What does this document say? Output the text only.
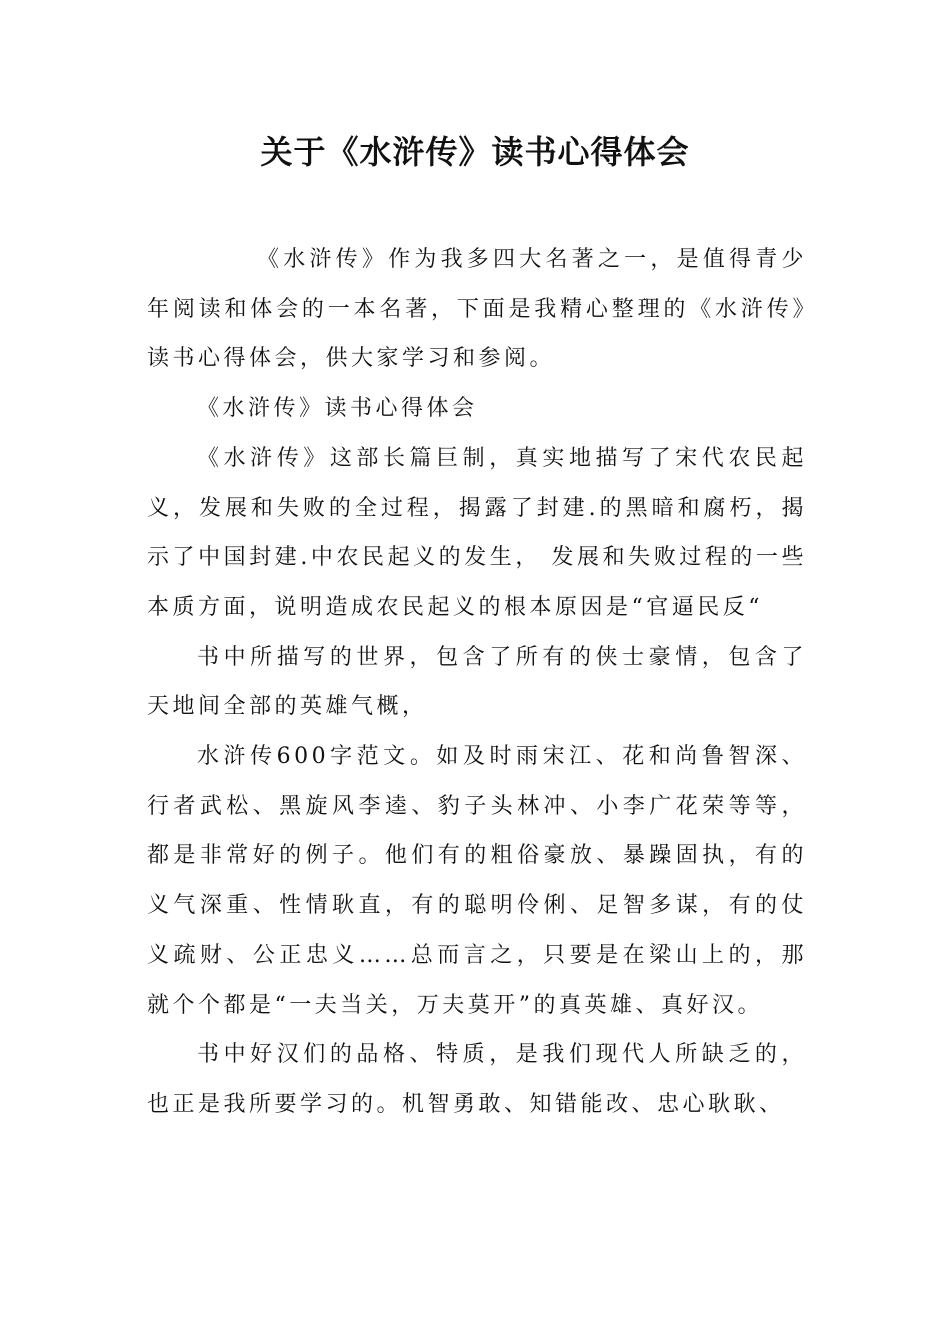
关于《水浒传》读书心得体会

《水浒传》作为我多四大名著之一，是值得青少年阅读和体会的一本名著，下面是我精心整理的《水浒传》读书心得体会，供大家学习和参阅。

《水浒传》读书心得体会

《水浒传》这部长篇巨制，真实地描写了宋代农民起义，发展和失败的全过程，揭露了封建.的黑暗和腐朽，揭示了中国封建.中农民起义的发生， 发展和失败过程的一些本质方面，说明造成农民起义的根本原因是“官逼民反“

书中所描写的世界，包含了所有的侠士豪情，包含了天地间全部的英雄气概，

水浒传600字范文。如及时雨宋江、花和尚鲁智深、行者武松、黑旋风李逵、豹子头林冲、小李广花荣等等，都是非常好的例子。他们有的粗俗豪放、暴躁固执，有的义气深重、性情耿直，有的聪明伶俐、足智多谋，有的仗义疏财、公正忠义……总而言之，只要是在梁山上的，那就个个都是“一夫当关，万夫莫开”的真英雄、真好汉。

书中好汉们的品格、特质，是我们现代人所缺乏的，也正是我所要学习的。机智勇敢、知错能改、忠心耿耿、
